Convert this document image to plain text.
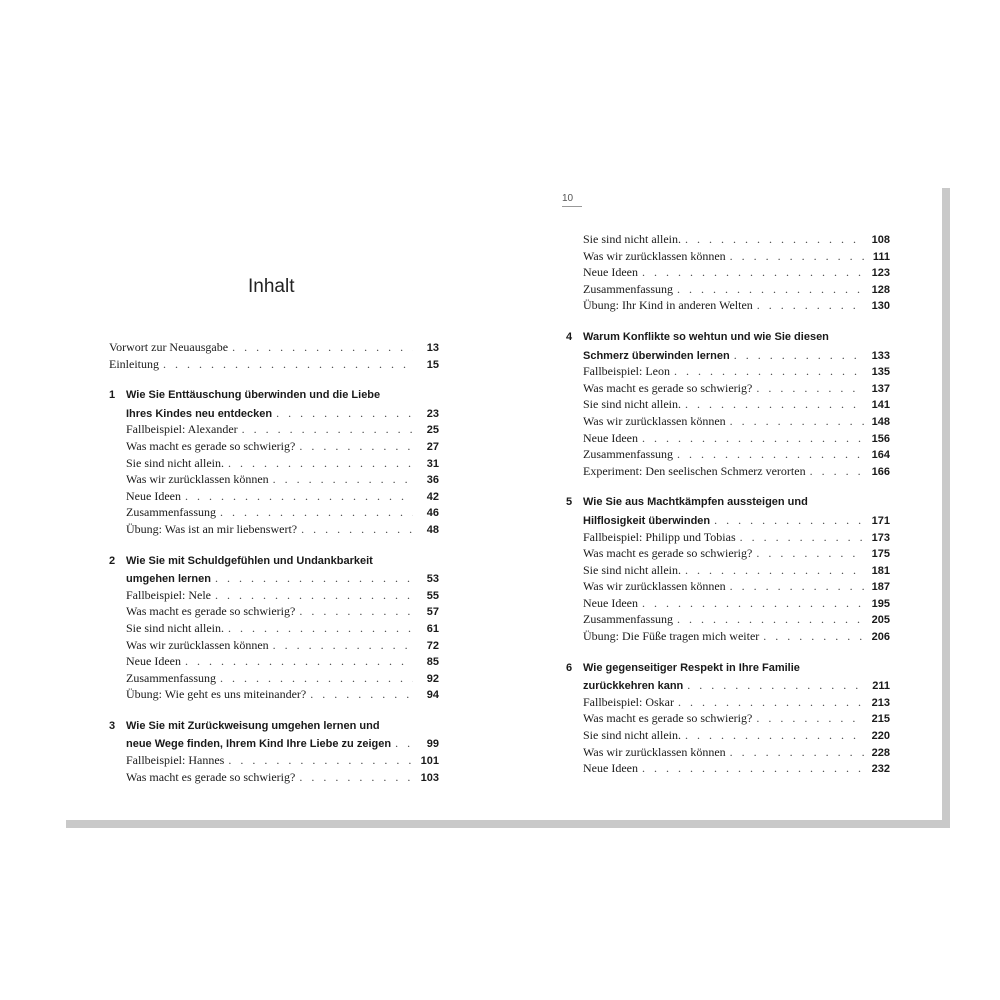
Inhalt
Vorwort zur Neuausgabe . . .	13
Einleitung . . .	15
1 Wie Sie Enttäuschung überwinden und die Liebe
Ihres Kindes neu entdecken . . .	23
Fallbeispiel: Alexander . . .	25
Was macht es gerade so schwierig? . . .	27
Sie sind nicht allein. . . .	31
Was wir zurücklassen können . . .	36
Neue Ideen . . .	42
Zusammenfassung . . .	46
Übung: Was ist an mir liebenswert? . . .	48
2 Wie Sie mit Schuldgefühlen und Undankbarkeit
umgehen lernen . . .	53
Fallbeispiel: Nele . . .	55
Was macht es gerade so schwierig? . . .	57
Sie sind nicht allein. . . .	61
Was wir zurücklassen können . . .	72
Neue Ideen . . .	85
Zusammenfassung . . .	92
Übung: Wie geht es uns miteinander? . . .	94
3 Wie Sie mit Zurückweisung umgehen lernen und
neue Wege finden, Ihrem Kind Ihre Liebe zu zeigen . . .	99
Fallbeispiel: Hannes . . .	101
Was macht es gerade so schwierig? . . .	103
10
Sie sind nicht allein. . . .	108
Was wir zurücklassen können . . .	111
Neue Ideen . . .	123
Zusammenfassung . . .	128
Übung: Ihr Kind in anderen Welten . . .	130
4 Warum Konflikte so wehtun und wie Sie diesen
Schmerz überwinden lernen . . .	133
Fallbeispiel: Leon . . .	135
Was macht es gerade so schwierig? . . .	137
Sie sind nicht allein. . . .	141
Was wir zurücklassen können . . .	148
Neue Ideen . . .	156
Zusammenfassung . . .	164
Experiment: Den seelischen Schmerz verorten . . .	166
5 Wie Sie aus Machtkämpfen aussteigen und
Hilflosigkeit überwinden . . .	171
Fallbeispiel: Philipp und Tobias . . .	173
Was macht es gerade so schwierig? . . .	175
Sie sind nicht allein. . . .	181
Was wir zurücklassen können . . .	187
Neue Ideen . . .	195
Zusammenfassung . . .	205
Übung: Die Füße tragen mich weiter . . .	206
6 Wie gegenseitiger Respekt in Ihre Familie
zurückkehren kann . . .	211
Fallbeispiel: Oskar . . .	213
Was macht es gerade so schwierig? . . .	215
Sie sind nicht allein. . . .	220
Was wir zurücklassen können . . .	228
Neue Ideen . . .	232
